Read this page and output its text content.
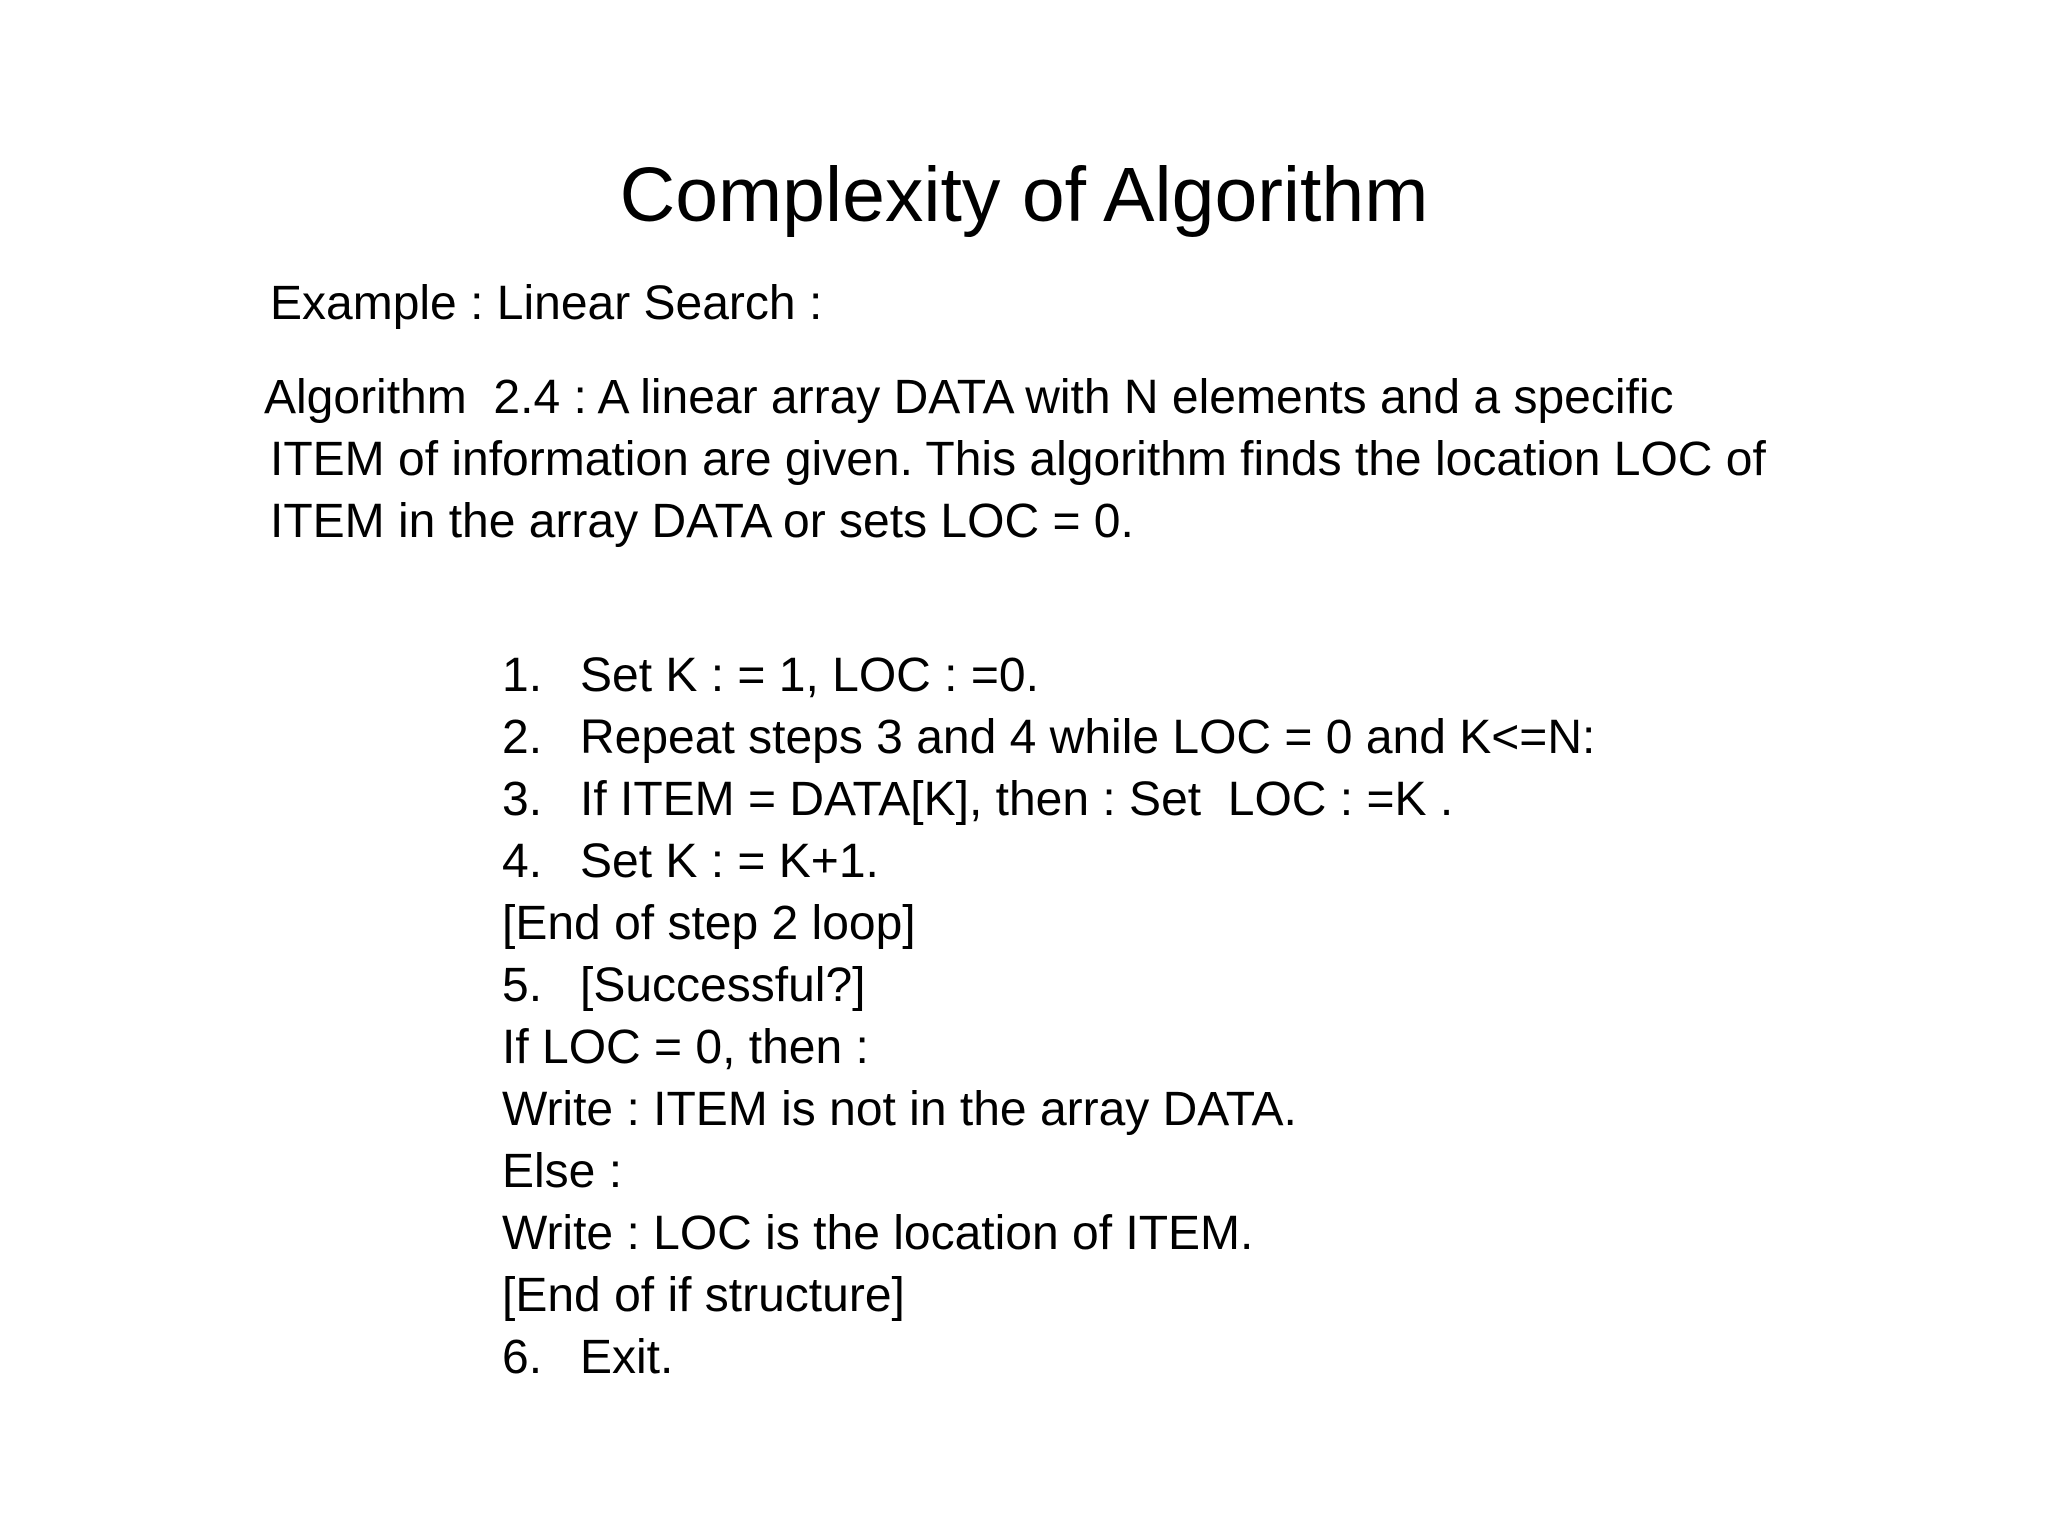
Complexity of Algorithm
Example : Linear Search :
Algorithm  2.4 : A linear array DATA with N elements and a specific
ITEM of information are given. This algorithm finds the location LOC of
ITEM in the array DATA or sets LOC = 0.
1. Set K : = 1, LOC : =0.
2. Repeat steps 3 and 4 while LOC = 0 and K<=N:
3. If ITEM = DATA[K], then : Set  LOC : =K .
4. Set K : = K+1.
[End of step 2 loop]
5. [Successful?]
If LOC = 0, then :
Write : ITEM is not in the array DATA.
Else :
Write : LOC is the location of ITEM.
[End of if structure]
6. Exit.
